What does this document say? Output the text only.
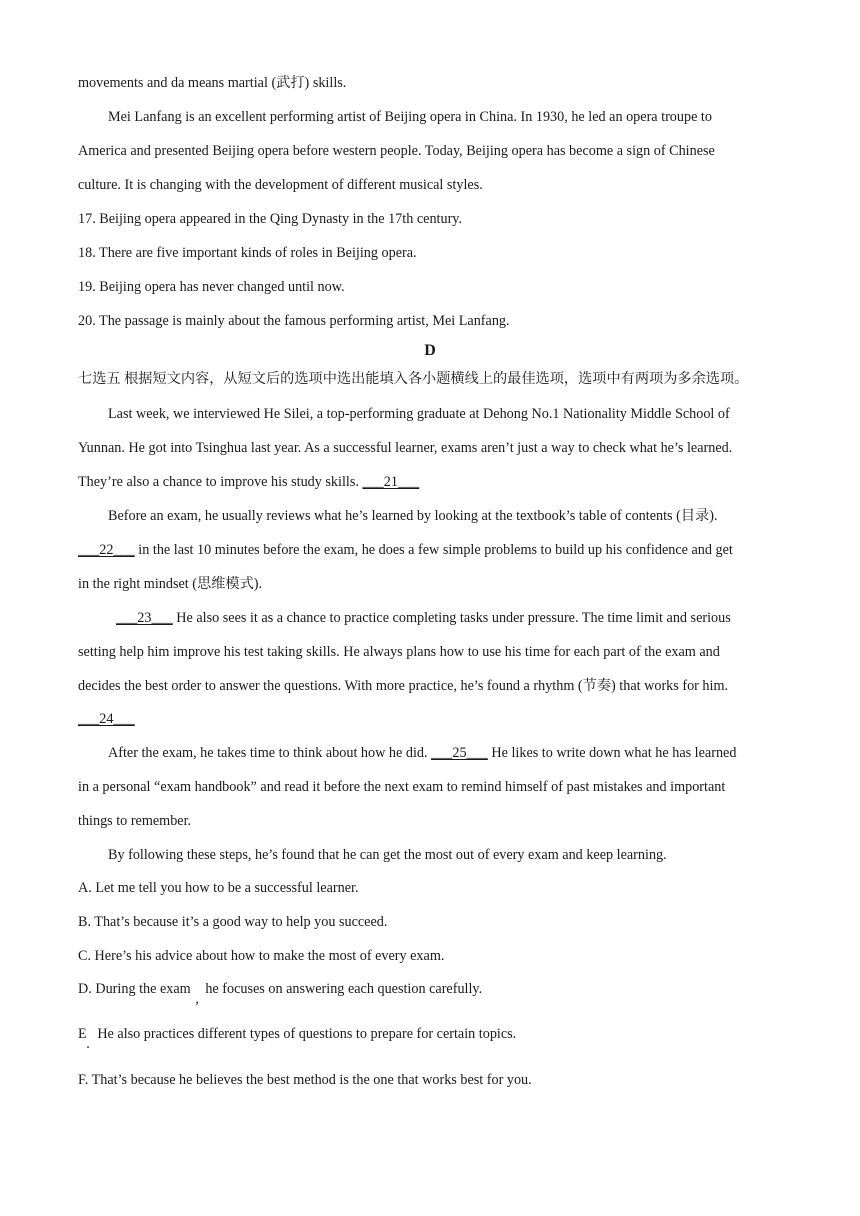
movements and da means martial (武打) skills.
Mei Lanfang is an excellent performing artist of Beijing opera in China. In 1930, he led an opera troupe to
America and presented Beijing opera before western people. Today, Beijing opera has become a sign of Chinese
culture. It is changing with the development of different musical styles.
17. Beijing opera appeared in the Qing Dynasty in the 17th century.
18. There are five important kinds of roles in Beijing opera.
19. Beijing opera has never changed until now.
20. The passage is mainly about the famous performing artist, Mei Lanfang.
D
七选五 根据短文内容，从短文后的选项中选出能填入各小题横线上的最佳选项，选项中有两项为多余选项。
Last week, we interviewed He Silei, a top-performing graduate at Dehong No.1 Nationality Middle School of
Yunnan. He got into Tsinghua last year. As a successful learner, exams aren’t just a way to check what he’s learned.
They’re also a chance to improve his study skills. ___21___
Before an exam, he usually reviews what he’s learned by looking at the textbook’s table of contents (目录).
___22___ in the last 10 minutes before the exam, he does a few simple problems to build up his confidence and get
in the right mindset (思维模式).
___23___ He also sees it as a chance to practice completing tasks under pressure. The time limit and serious
setting help him improve his test taking skills. He always plans how to use his time for each part of the exam and
decides the best order to answer the questions. With more practice, he’s found a rhythm (节奏) that works for him.
___24___
After the exam, he takes time to think about how he did. ___25___ He likes to write down what he has learned
in a personal “exam handbook” and read it before the next exam to remind himself of past mistakes and important
things to remember.
By following these steps, he’s found that he can get the most out of every exam and keep learning.
A. Let me tell you how to be a successful learner.
B. That’s because it’s a good way to help you succeed.
C. Here’s his advice about how to make the most of every exam.
D. During the exam , he focuses on answering each question carefully.
E . He also practices different types of questions to prepare for certain topics.
F. That’s because he believes the best method is the one that works best for you.
